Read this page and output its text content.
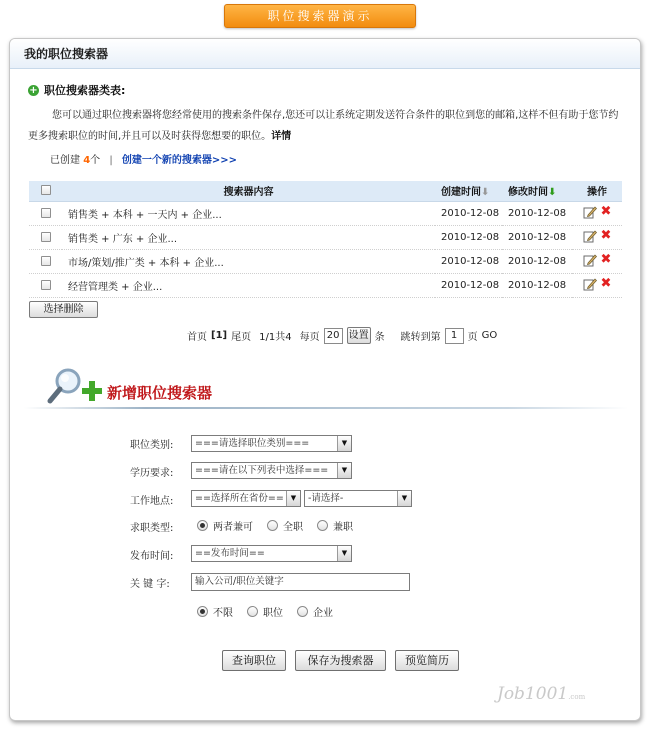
职位搜索器演示
我的职位搜索器
+ 职位搜索器类表:
您可以通过职位搜索器将您经常使用的搜索条件保存,您还可以让系统定期发送符合条件的职位到您的邮箱,这样不但有助于您节约更多搜索职位的时间,并且可以及时获得您想要的职位。详情
已创建 4个 | 创建一个新的搜索器>>>
	搜索器内容	创建时间⬇	修改时间⬇	操作
	销售类 + 本科 + 一天内 + 企业...	2010-12-08	2010-12-08	✖

	销售类 + 广东 + 企业...	2010-12-08	2010-12-08	✖

	市场/策划/推广类 + 本科 + 企业...	2010-12-08	2010-12-08	✖

	经营管理类 + 企业...	2010-12-08	2010-12-08	✖
选择删除
首页 [1] 尾页 1/1共4 每页 20 设置 条 跳转到第	1	页 GO
新增职位搜索器
职位类别:	===请选择职位类别===	▼
学历要求:	===请在以下列表中选择===	▼
工作地点:	==选择所在省份== ▼	-请选择-	▼
求职类型:	两者兼可	全职	兼职
发布时间:	==发布时间==	▼
关 键 字:	输入公司/职位关键字
不限	职位	企业
查询职位	保存为搜索器	预览简历
Job1001.com
